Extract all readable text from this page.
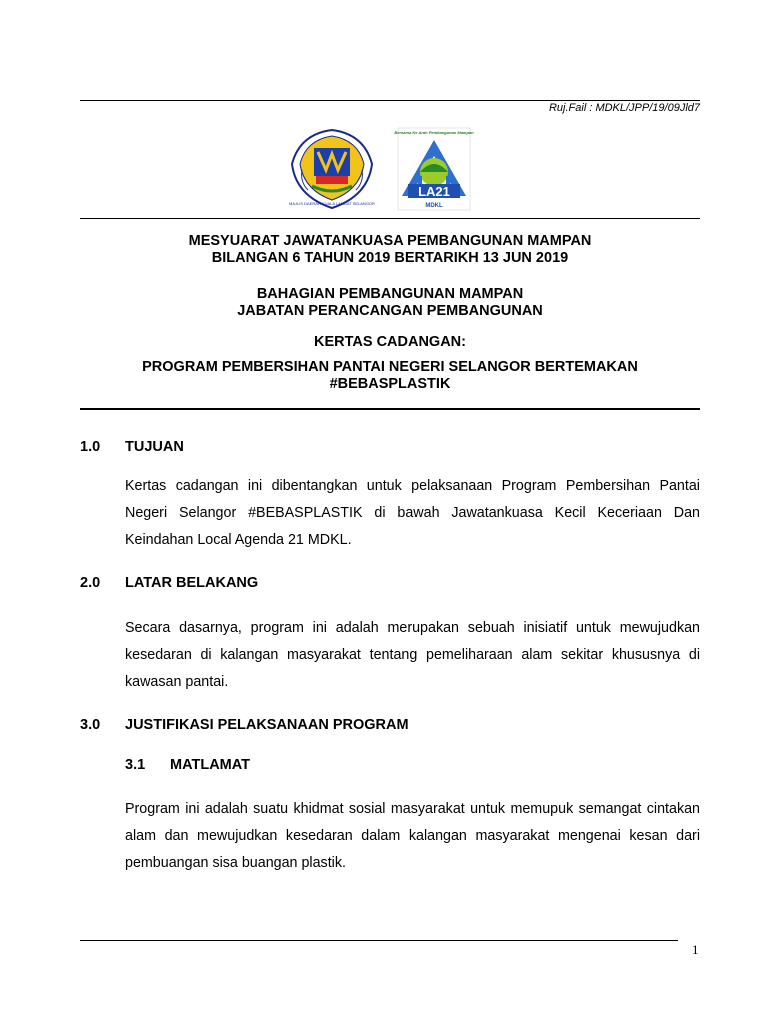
Ruj.Fail : MDKL/JPP/19/09Jld7
MAJLIS DAERAH KUALA LANGAT SELANGOR
Bersama Ke Arah Pembangunan Mampan
LA21
MDKL
MESYUARAT JAWATANKUASA PEMBANGUNAN MAMPAN
BILANGAN 6 TAHUN 2019 BERTARIKH 13 JUN 2019
BAHAGIAN PEMBANGUNAN MAMPAN
JABATAN PERANCANGAN PEMBANGUNAN
KERTAS CADANGAN:
PROGRAM PEMBERSIHAN PANTAI NEGERI SELANGOR BERTEMAKAN
#BEBASPLASTIK
1.0 TUJUAN
Kertas cadangan ini dibentangkan untuk pelaksanaan Program Pembersihan Pantai Negeri Selangor #BEBASPLASTIK di bawah Jawatankuasa Kecil Keceriaan Dan Keindahan Local Agenda 21 MDKL.
2.0 LATAR BELAKANG
Secara dasarnya, program ini adalah merupakan sebuah inisiatif untuk mewujudkan kesedaran di kalangan masyarakat tentang pemeliharaan alam sekitar khususnya di kawasan pantai.
3.0 JUSTIFIKASI PELAKSANAAN PROGRAM
3.1 MATLAMAT
Program ini adalah suatu khidmat sosial masyarakat untuk memupuk semangat cintakan alam dan mewujudkan kesedaran dalam kalangan masyarakat mengenai kesan dari pembuangan sisa buangan plastik.
1
